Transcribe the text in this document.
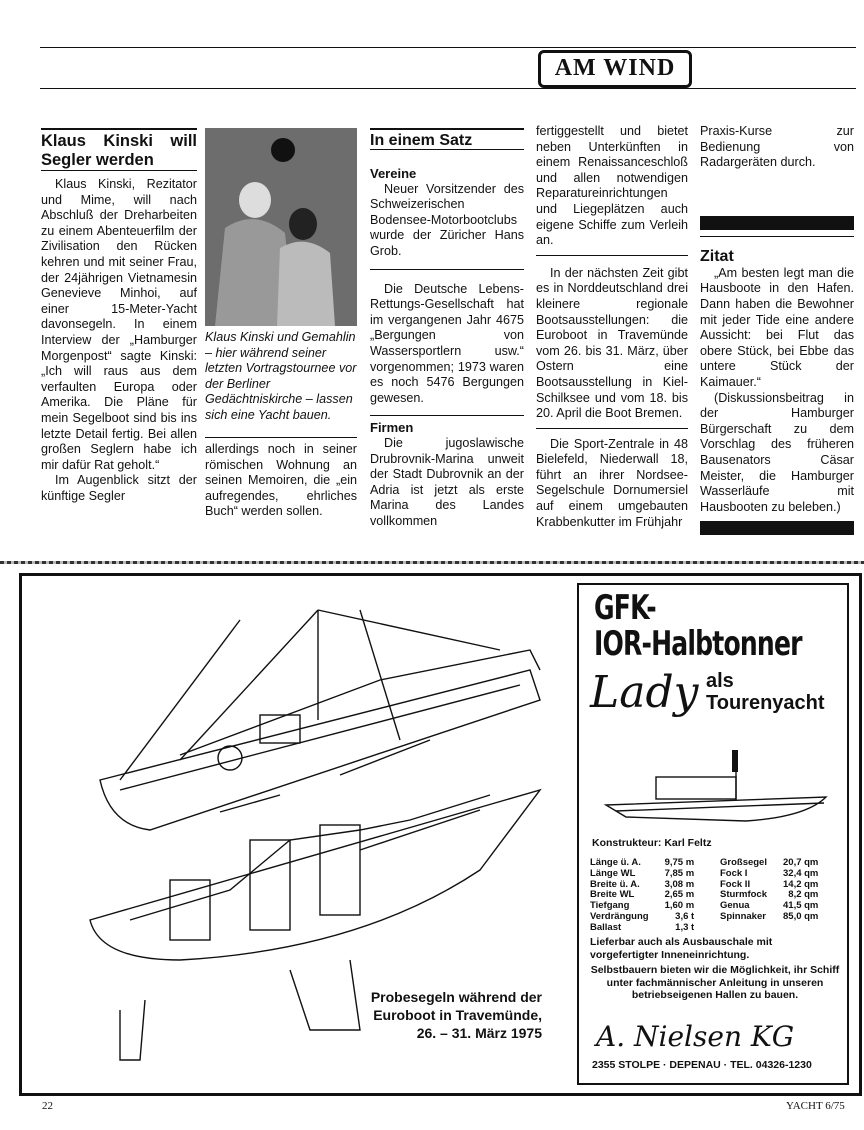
AM WIND

Klaus Kinski will Segler werden

Klaus Kinski, Rezitator und Mime, will nach Abschluß der Dreharbeiten zu einem Abenteuerfilm der Zivilisation den Rücken kehren und mit seiner Frau, der 24jährigen Vietnamesin Genevieve Minhoi, auf einer 15-Meter-Yacht davonsegeln. In einem Interview der „Hamburger Morgenpost“ sagte Kinski: „Ich will raus aus dem verfaulten Europa oder Amerika. Die Pläne für mein Segelboot sind bis ins letzte Detail fertig. Bei allen großen Seglern habe ich mir dafür Rat geholt.“

Im Augenblick sitzt der künftige Segler

Klaus Kinski und Gemahlin – hier während seiner letzten Vortragstournee vor der Berliner Gedächtniskirche – lassen sich eine Yacht bauen.
allerdings noch in seiner römischen Wohnung an seinen Memoiren, die „ein aufregendes, ehrliches Buch“ werden sollen.

In einem Satz

Vereine

Neuer Vorsitzender des Schweizerischen Bodensee-Motorbootclubs wurde der Züricher Hans Grob.

Die Deutsche Lebens-Rettungs-Gesellschaft hat im vergangenen Jahr 4675 „Bergungen von Wassersportlern usw.“ vorgenommen; 1973 waren es noch 5476 Bergungen gewesen.

Firmen

Die jugoslawische Drubrovnik-Marina unweit der Stadt Dubrovnik an der Adria ist jetzt als erste Marina des Landes vollkommen

fertiggestellt und bietet neben Unterkünften in einem Renaissanceschloß und allen notwendigen Reparatureinrichtungen und Liegeplätzen auch eigene Schiffe zum Verleih an.

In der nächsten Zeit gibt es in Norddeutschland drei kleinere regionale Bootsausstellungen: die Euroboot in Travemünde vom 26. bis 31. März, über Ostern eine Bootsausstellung in Kiel-Schilksee und vom 18. bis 20. April die Boot Bremen.

Die Sport-Zentrale in 48 Bielefeld, Niederwall 18, führt an ihrer Nordsee-Segelschule Dornumersiel auf einem umgebauten Krabbenkutter im Frühjahr

Praxis-Kurse zur Bedienung von Radargeräten durch.

Zitat

„Am besten legt man die Hausboote in den Hafen. Dann haben die Bewohner mit jeder Tide eine andere Aussicht: bei Flut das obere Stück, bei Ebbe das untere Stück der Kaimauer.“

(Diskussionsbeitrag in der Hamburger Bürgerschaft zu dem Vorschlag des früheren Bausenators Cäsar Meister, die Hamburger Wasserläufe mit Hausbooten zu beleben.)

Probesegeln während der Euroboot in Travemünde, 26. – 31. März 1975
GFK-
IOR-Halbtonner
Lady als
Tourenyacht
Konstrukteur: Karl Feltz
Länge ü. A.	9,75 m
Länge WL	7,85 m
Breite ü. A.	3,08 m
Breite WL	2,65 m
Tiefgang	1,60 m
Verdrängung	3,6 t
Ballast	1,3 t
Großsegel	20,7 qm
Fock I	32,4 qm
Fock II	14,2 qm
Sturmfock	8,2 qm
Genua	41,5 qm
Spinnaker	85,0 qm
Lieferbar auch als Ausbauschale mit vorgefertigter Inneneinrichtung.
Selbstbauern bieten wir die Möglichkeit, ihr Schiff unter fachmännischer Anleitung in unseren betriebseigenen Hallen zu bauen.
A. Nielsen KG
2355 STOLPE · DEPENAU · TEL. 04326-1230
22	YACHT 6/75
